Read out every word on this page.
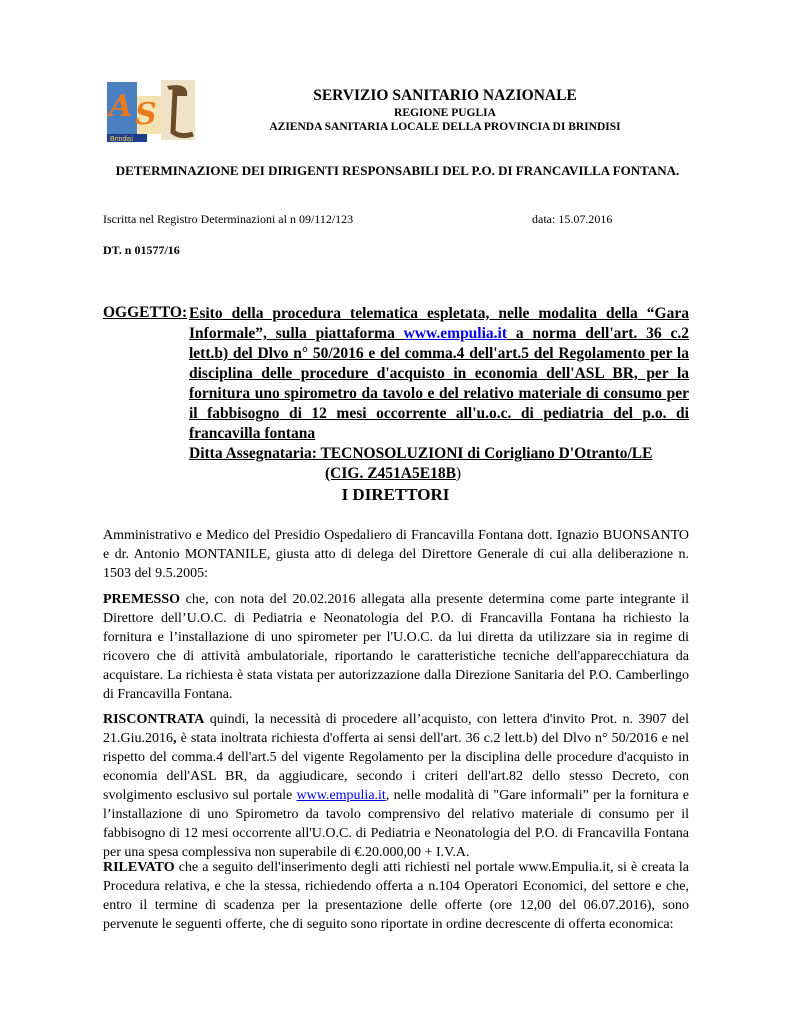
A S
Brindisi
SERVIZIO SANITARIO NAZIONALE
REGIONE PUGLIA
AZIENDA SANITARIA LOCALE DELLA PROVINCIA DI BRINDISI
DETERMINAZIONE DEI DIRIGENTI RESPONSABILI DEL P.O. DI FRANCAVILLA FONTANA.
Iscritta nel Registro Determinazioni al n 09/112/123	data: 15.07.2016
DT. n 01577/16
OGGETTO: Esito della procedura telematica espletata, nelle modalita della “Gara Informale”, sulla piattaforma www.empulia.it a norma dell'art. 36 c.2 lett.b) del Dlvo n° 50/2016 e del comma.4 dell'art.5 del Regolamento per la disciplina delle procedure d'acquisto in economia dell'ASL BR, per la fornitura uno spirometro da tavolo e del relativo materiale di consumo per il fabbisogno di 12 mesi occorrente all'u.o.c. di pediatria del p.o. di francavilla fontana
Ditta Assegnataria: TECNOSOLUZIONI di Corigliano D'Otranto/LE
(CIG. Z451A5E18B)
I DIRETTORI
Amministrativo e Medico del Presidio Ospedaliero di Francavilla Fontana dott. Ignazio BUONSANTO e dr. Antonio MONTANILE, giusta atto di delega del Direttore Generale di cui alla deliberazione n. 1503 del 9.5.2005:
PREMESSO che, con nota del 20.02.2016 allegata alla presente determina come parte integrante il Direttore dell’U.O.C. di Pediatria e Neonatologia del P.O. di Francavilla Fontana ha richiesto la fornitura e l’installazione di uno spirometer per l'U.O.C. da lui diretta da utilizzare sia in regime di ricovero che di attività ambulatoriale, riportando le caratteristiche tecniche dell'apparecchiatura da acquistare. La richiesta è stata vistata per autorizzazione dalla Direzione Sanitaria del P.O. Camberlingo di Francavilla Fontana.
RISCONTRATA quindi, la necessità di procedere all’acquisto, con lettera d'invito Prot. n. 3907 del 21.Giu.2016, è stata inoltrata richiesta d'offerta ai sensi dell'art. 36 c.2 lett.b) del Dlvo n° 50/2016 e nel rispetto del comma.4 dell'art.5 del vigente Regolamento per la disciplina delle procedure d'acquisto in economia dell'ASL BR, da aggiudicare, secondo i criteri dell'art.82 dello stesso Decreto, con svolgimento esclusivo sul portale www.empulia.it, nelle modalità di "Gare informali” per la fornitura e l’installazione di uno Spirometro da tavolo comprensivo del relativo materiale di consumo per il fabbisogno di 12 mesi occorrente all'U.O.C. di Pediatria e Neonatologia del P.O. di Francavilla Fontana per una spesa complessiva non superabile di €.20.000,00 + I.V.A.
RILEVATO che a seguito dell'inserimento degli atti richiesti nel portale www.Empulia.it, si è creata la Procedura relativa, e che la stessa, richiedendo offerta a n.104 Operatori Economici, del settore e che, entro il termine di scadenza per la presentazione delle offerte (ore 12,00 del 06.07.2016), sono pervenute le seguenti offerte, che di seguito sono riportate in ordine decrescente di offerta economica:
